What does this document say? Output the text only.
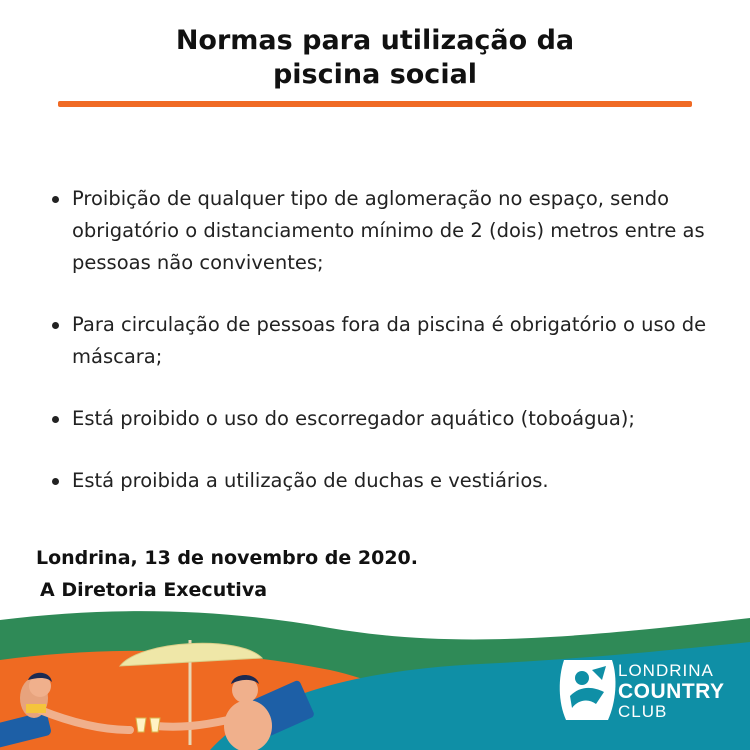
Normas para utilização da
piscina social
Proibição de qualquer tipo de aglomeração no espaço, sendo obrigatório o distanciamento mínimo de 2 (dois) metros entre as pessoas não conviventes;
Para circulação de pessoas fora da piscina é obrigatório o uso de máscara;
Está proibido o uso do escorregador aquático (toboágua);
Está proibida a utilização de duchas e vestiários.
Londrina, 13 de novembro de 2020.
A Diretoria Executiva
LONDRINA
COUNTRY
CLUB
